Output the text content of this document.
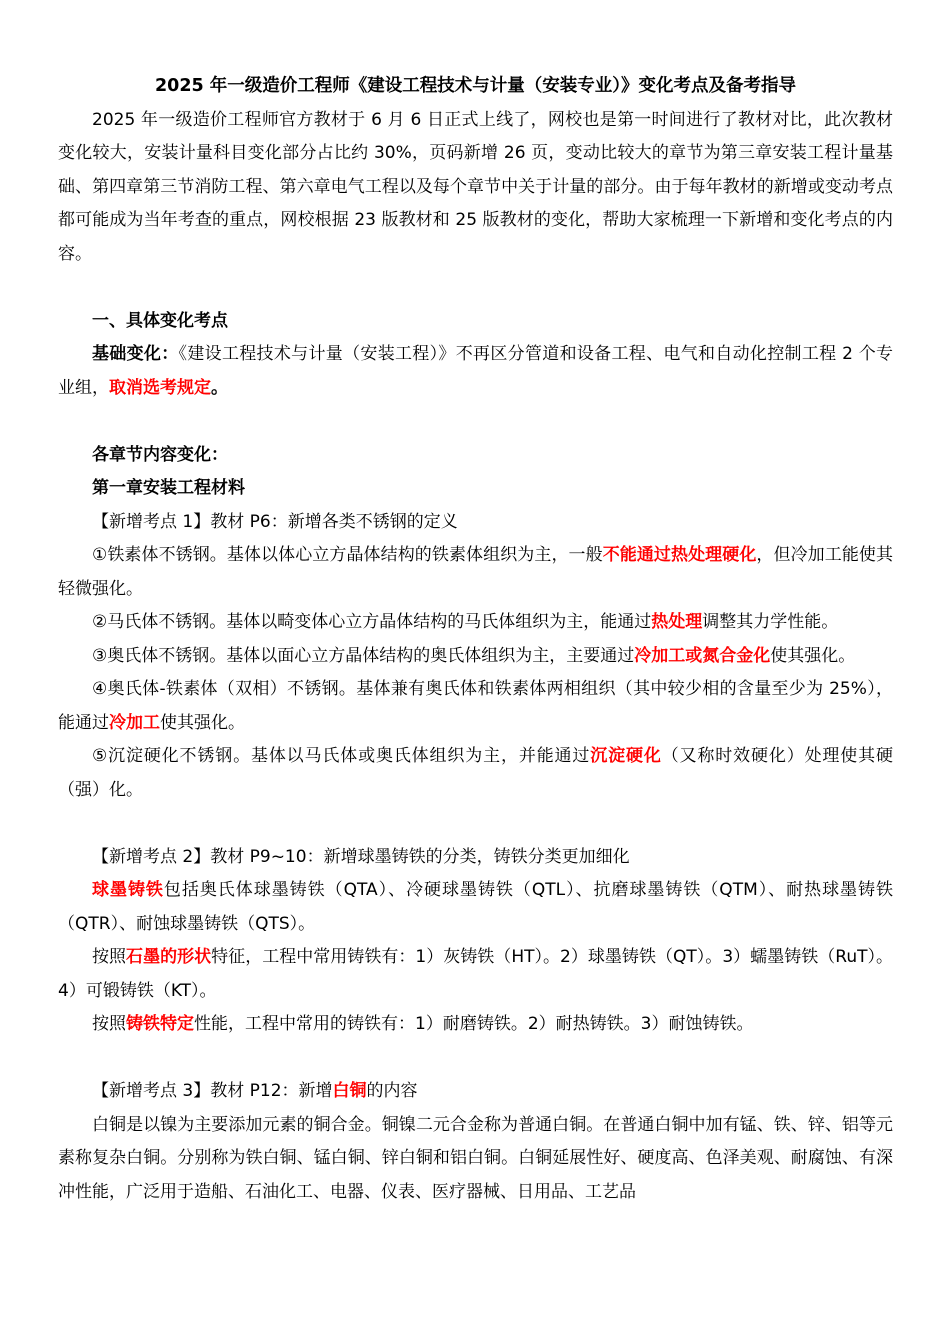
2025 年一级造价工程师《建设工程技术与计量（安装专业）》变化考点及备考指导

2025 年一级造价工程师官方教材于 6 月 6 日正式上线了，网校也是第一时间进行了教材对比，此次教材变化较大，安装计量科目变化部分占比约 30%，页码新增 26 页，变动比较大的章节为第三章安装工程计量基础、第四章第三节消防工程、第六章电气工程以及每个章节中关于计量的部分。由于每年教材的新增或变动考点都可能成为当年考查的重点，网校根据 23 版教材和 25 版教材的变化，帮助大家梳理一下新增和变化考点的内容。

一、具体变化考点

基础变化：《建设工程技术与计量（安装工程）》不再区分管道和设备工程、电气和自动化控制工程 2 个专业组，取消选考规定。

各章节内容变化：

第一章安装工程材料

【新增考点 1】教材 P6：新增各类不锈钢的定义

①铁素体不锈钢。基体以体心立方晶体结构的铁素体组织为主，一般不能通过热处理硬化，但冷加工能使其轻微强化。

②马氏体不锈钢。基体以畸变体心立方晶体结构的马氏体组织为主，能通过热处理调整其力学性能。

③奥氏体不锈钢。基体以面心立方晶体结构的奥氏体组织为主，主要通过冷加工或氮合金化使其强化。

④奥氏体-铁素体（双相）不锈钢。基体兼有奥氏体和铁素体两相组织（其中较少相的含量至少为 25%），能通过冷加工使其强化。

⑤沉淀硬化不锈钢。基体以马氏体或奥氏体组织为主，并能通过沉淀硬化（又称时效硬化）处理使其硬（强）化。

【新增考点 2】教材 P9~10：新增球墨铸铁的分类，铸铁分类更加细化

球墨铸铁包括奥氏体球墨铸铁（QTA）、冷硬球墨铸铁（QTL）、抗磨球墨铸铁（QTM）、耐热球墨铸铁（QTR）、耐蚀球墨铸铁（QTS）。

按照石墨的形状特征，工程中常用铸铁有：1）灰铸铁（HT）。2）球墨铸铁（QT）。3）蠕墨铸铁（RuT）。4）可锻铸铁（KT）。

按照铸铁特定性能，工程中常用的铸铁有：1）耐磨铸铁。2）耐热铸铁。3）耐蚀铸铁。

【新增考点 3】教材 P12：新增白铜的内容

白铜是以镍为主要添加元素的铜合金。铜镍二元合金称为普通白铜。在普通白铜中加有锰、铁、锌、铝等元素称复杂白铜。分别称为铁白铜、锰白铜、锌白铜和铝白铜。白铜延展性好、硬度高、色泽美观、耐腐蚀、有深冲性能，广泛用于造船、石油化工、电器、仪表、医疗器械、日用品、工艺品
